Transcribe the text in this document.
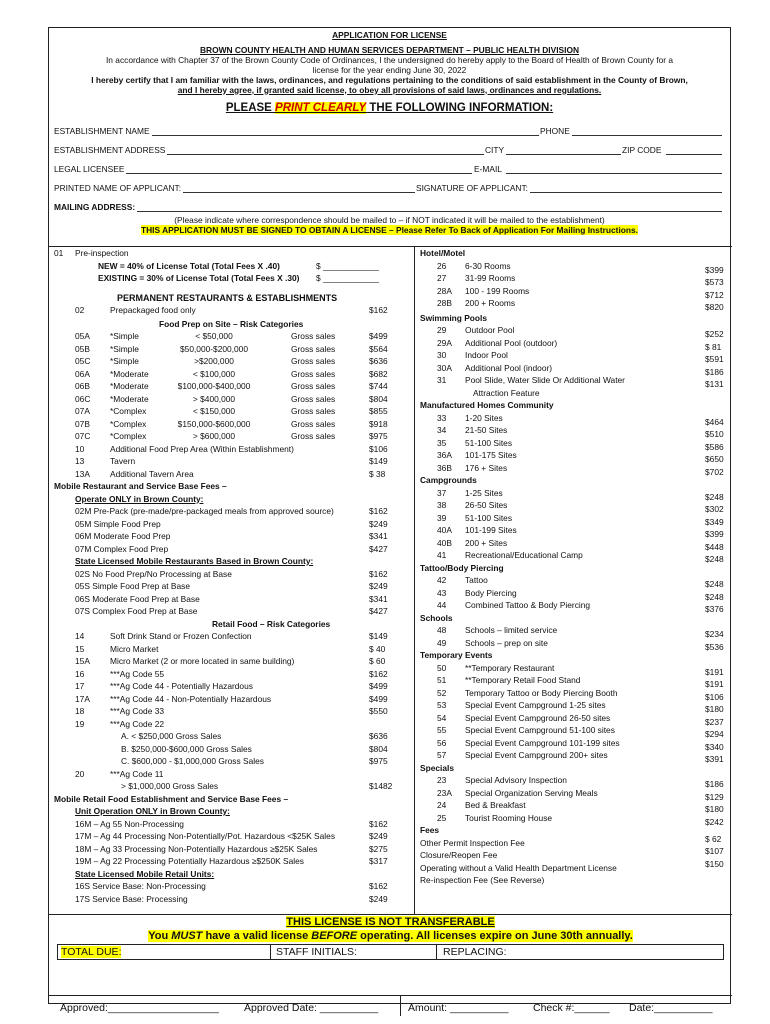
APPLICATION FOR LICENSE
BROWN COUNTY HEALTH AND HUMAN SERVICES DEPARTMENT – PUBLIC HEALTH DIVISION
In accordance with Chapter 37 of the Brown County Code of Ordinances, I the undersigned do hereby apply to the Board of Health of Brown County for a
license for the year ending June 30, 2022
I hereby certify that I am familiar with the laws, ordinances, and regulations pertaining to the conditions of said establishment in the County of Brown,
and I hereby agree, if granted said license, to obey all provisions of said laws, ordinances and regulations.
PLEASE PRINT CLEARLY THE FOLLOWING INFORMATION:
ESTABLISHMENT NAME	PHONE
ESTABLISHMENT ADDRESS	CITY	ZIP CODE
LEGAL LICENSEE	E-MAIL
PRINTED NAME OF APPLICANT:	SIGNATURE OF APPLICANT:
MAILING ADDRESS:
(Please indicate where correspondence should be mailed to – if NOT indicated it will be mailed to the establishment)
THIS APPLICATION MUST BE SIGNED TO OBTAIN A LICENSE – Please Refer To Back of Application For Mailing Instructions.
01 Pre-inspection
NEW = 40% of License Total (Total Fees X .40)	$ ____________
EXISTING = 30% of License Total (Total Fees X .30) $ ____________
PERMANENT RESTAURANTS & ESTABLISHMENTS
02	Prepackaged food only	$162
Food Prep on Site – Risk Categories
05A *Simple	< $50,000	Gross sales	$499
05B *Simple	$50,000-$200,000	Gross sales	$564
05C *Simple	>$200,000	Gross sales	$636
06A *Moderate	< $100,000	Gross sales	$682
06B *Moderate	$100,000-$400,000	Gross sales	$744
06C *Moderate	> $400,000	Gross sales	$804
07A *Complex	< $150,000	Gross sales	$855
07B *Complex	$150,000-$600,000	Gross sales	$918
07C *Complex	> $600,000	Gross sales	$975
10	Additional Food Prep Area (Within Establishment)	$106
13	Tavern	$149
13A Additional Tavern Area	$ 38
Mobile Restaurant and Service Base Fees –
Operate ONLY in Brown County:
02M Pre-Pack (pre-made/pre-packaged meals from approved source)	$162
05M Simple Food Prep	$249
06M Moderate Food Prep	$341
07M Complex Food Prep	$427
State Licensed Mobile Restaurants Based in Brown County:
02S No Food Prep/No Processing at Base	$162
05S Simple Food Prep at Base	$249
06S Moderate Food Prep at Base	$341
07S Complex Food Prep at Base	$427
Retail Food – Risk Categories
14	Soft Drink Stand or Frozen Confection	$149
15	Micro Market	$ 40
15A Micro Market (2 or more located in same building)	$ 60
16	***Ag Code 55	$162
17	***Ag Code 44 - Potentially Hazardous	$499
17A ***Ag Code 44 - Non-Potentially Hazardous	$499
18	***Ag Code 33	$550
19	***Ag Code 22
A. < $250,000 Gross Sales	$636
B. $250,000-$600,000 Gross Sales	$804
C. $600,000 - $1,000,000 Gross Sales	$975
20	***Ag Code 11
> $1,000,000 Gross Sales	$1482
Mobile Retail Food Establishment and Service Base Fees –
Unit Operation ONLY in Brown County:
16M – Ag 55 Non-Processing	$162
17M – Ag 44 Processing Non-Potentially/Pot. Hazardous <$25K Sales	$249
18M – Ag 33 Processing Non-Potentially Hazardous ≥$25K Sales	$275
19M – Ag 22 Processing Potentially Hazardous ≥$250K Sales	$317
State Licensed Mobile Retail Units:
16S Service Base: Non-Processing	$162
17S Service Base: Processing	$249
Hotel/Motel
26 6-30 Rooms	$399
27 31-99 Rooms	$573
28A 100 - 199 Rooms	$712
28B 200 + Rooms	$820
Swimming Pools
29 Outdoor Pool	$252
29A Additional Pool (outdoor)	$ 81
30 Indoor Pool	$591
30A Additional Pool (indoor)	$186
31 Pool Slide, Water Slide Or Additional Water	$131
Attraction Feature
Manufactured Homes Community
33 1-20 Sites	$464
34 21-50 Sites	$510
35 51-100 Sites	$586
36A 101-175 Sites	$650
36B 176 + Sites	$702
Campgrounds
37 1-25 Sites	$248
38 26-50 Sites	$302
39 51-100 Sites	$349
40A 101-199 Sites	$399
40B 200 + Sites	$448
41 Recreational/Educational Camp	$248
Tattoo/Body Piercing
42 Tattoo	$248
43 Body Piercing	$248
44 Combined Tattoo & Body Piercing	$376
Schools
48 Schools – limited service	$234
49 Schools – prep on site	$536
Temporary Events
50 **Temporary Restaurant	$191
51 **Temporary Retail Food Stand	$191
52 Temporary Tattoo or Body Piercing Booth	$106
53 Special Event Campground 1-25 sites	$180
54 Special Event Campground 26-50 sites	$237
55 Special Event Campground 51-100 sites	$294
56 Special Event Campground 101-199 sites	$340
57 Special Event Campground 200+ sites	$391
Specials
23 Special Advisory Inspection	$186
23A Special Organization Serving Meals	$129
24 Bed & Breakfast	$180
25 Tourist Rooming House	$242
Fees
Other Permit Inspection Fee	$ 62
Closure/Reopen Fee	$107
Operating without a Valid Health Department License	$150
Re-inspection Fee (See Reverse)
THIS LICENSE IS NOT TRANSFERABLE
You MUST have a valid license BEFORE operating. All licenses expire on June 30th annually.
TOTAL DUE:	STAFF INITIALS:	REPLACING:
Approved:___________________ Approved Date: __________	Amount: __________ Check #:______ Date:__________
